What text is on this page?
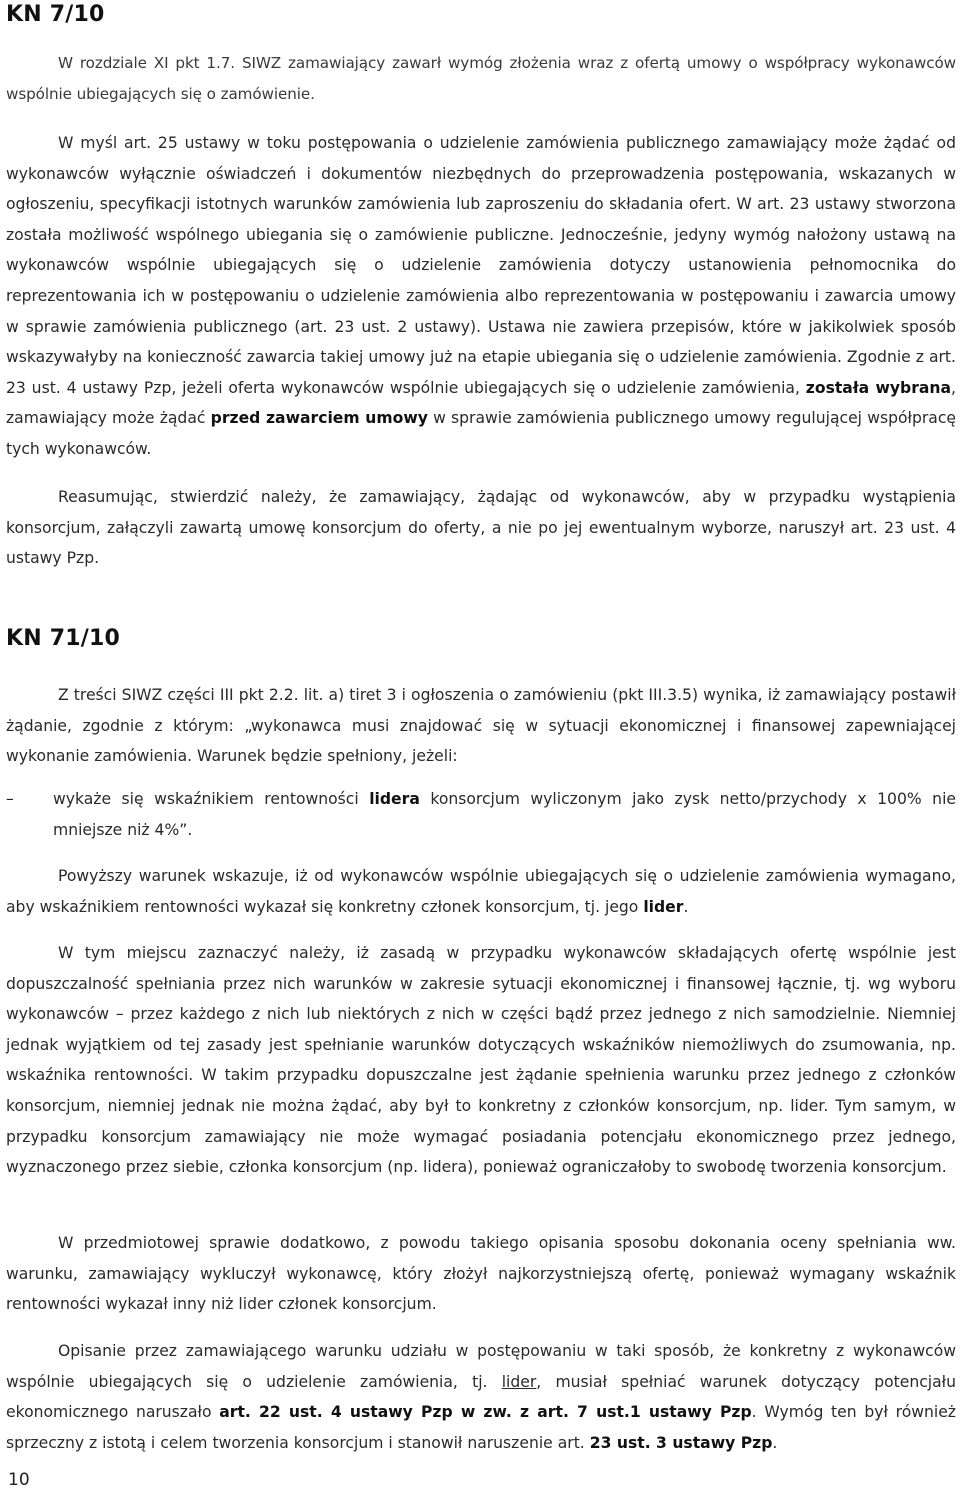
KN 7/10

W rozdziale XI pkt 1.7. SIWZ zamawiający zawarł wymóg złożenia wraz z ofertą umowy o współpracy wykonawców wspólnie ubiegających się o zamówienie.

W myśl art. 25 ustawy w toku postępowania o udzielenie zamówienia publicznego zamawiający może żądać od wykonawców wyłącznie oświadczeń i dokumentów niezbędnych do przeprowadzenia postępowania, wskazanych w ogłoszeniu, specyfikacji istotnych warunków zamówienia lub zaproszeniu do składania ofert. W art. 23 ustawy stworzona została możliwość wspólnego ubiegania się o zamówienie publiczne. Jednocześnie, jedyny wymóg nałożony ustawą na wykonawców wspólnie ubiegających się o udzielenie zamówienia dotyczy ustanowienia pełnomocnika do reprezentowania ich w postępowaniu o udzielenie zamówienia albo reprezentowania w postępowaniu i zawarcia umowy w sprawie zamówienia publicznego (art. 23 ust. 2 ustawy). Ustawa nie zawiera przepisów, które w jakikolwiek sposób wskazywałyby na konieczność zawarcia takiej umowy już na etapie ubiegania się o udzielenie zamówienia. Zgodnie z art. 23 ust. 4 ustawy Pzp, jeżeli oferta wykonawców wspólnie ubiegających się o udzielenie zamówienia, została wybrana, zamawiający może żądać przed zawarciem umowy w sprawie zamówienia publicznego umowy regulującej współpracę tych wykonawców.

Reasumując, stwierdzić należy, że zamawiający, żądając od wykonawców, aby w przypadku wystąpienia konsorcjum, załączyli zawartą umowę konsorcjum do oferty, a nie po jej ewentualnym wyborze, naruszył art. 23 ust. 4 ustawy Pzp.

KN 71/10

Z treści SIWZ części III pkt 2.2. lit. a) tiret 3 i ogłoszenia o zamówieniu (pkt III.3.5) wynika, iż zamawiający postawił żądanie, zgodnie z którym: „wykonawca musi znajdować się w sytuacji ekonomicznej i finansowej zapewniającej wykonanie zamówienia. Warunek będzie spełniony, jeżeli:

–	wykaże się wskaźnikiem rentowności lidera konsorcjum wyliczonym jako zysk netto/przychody x 100% nie mniejsze niż 4%”.

Powyższy warunek wskazuje, iż od wykonawców wspólnie ubiegających się o udzielenie zamówienia wymagano, aby wskaźnikiem rentowności wykazał się konkretny członek konsorcjum, tj. jego lider.

W tym miejscu zaznaczyć należy, iż zasadą w przypadku wykonawców składających ofertę wspólnie jest dopuszczalność spełniania przez nich warunków w zakresie sytuacji ekonomicznej i finansowej łącznie, tj. wg wyboru wykonawców – przez każdego z nich lub niektórych z nich w części bądź przez jednego z nich samodzielnie. Niemniej jednak wyjątkiem od tej zasady jest spełnianie warunków dotyczących wskaźników niemożliwych do zsumowania, np. wskaźnika rentowności. W takim przypadku dopuszczalne jest żądanie spełnienia warunku przez jednego z członków konsorcjum, niemniej jednak nie można żądać, aby był to konkretny z członków konsorcjum, np. lider. Tym samym, w przypadku konsorcjum zamawiający nie może wymagać posiadania potencjału ekonomicznego przez jednego, wyznaczonego przez siebie, członka konsorcjum (np. lidera), ponieważ ograniczałoby to swobodę tworzenia konsorcjum.

W przedmiotowej sprawie dodatkowo, z powodu takiego opisania sposobu dokonania oceny spełniania ww. warunku, zamawiający wykluczył wykonawcę, który złożył najkorzystniejszą ofertę, ponieważ wymagany wskaźnik rentowności wykazał inny niż lider członek konsorcjum.

Opisanie przez zamawiającego warunku udziału w postępowaniu w taki sposób, że konkretny z wykonawców wspólnie ubiegających się o udzielenie zamówienia, tj. lider, musiał spełniać warunek dotyczący potencjału ekonomicznego naruszało art. 22 ust. 4 ustawy Pzp w zw. z art. 7 ust.1 ustawy Pzp. Wymóg ten był również sprzeczny z istotą i celem tworzenia konsorcjum i stanowił naruszenie art. 23 ust. 3 ustawy Pzp.

10
